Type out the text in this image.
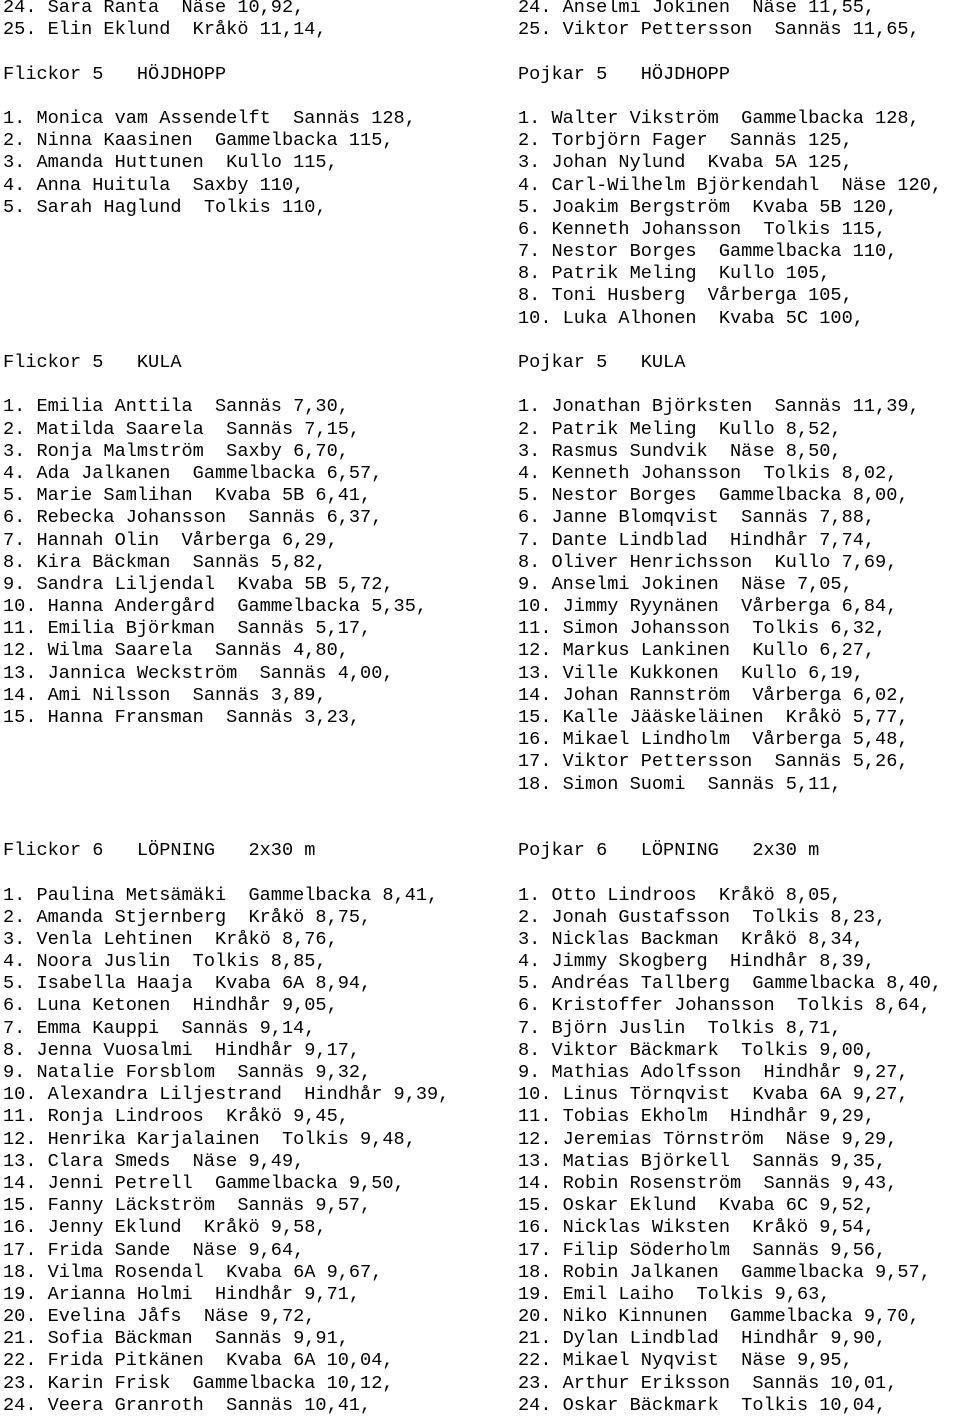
24. Sara Ranta  Näse 10,92,
25. Elin Eklund  Kråkö 11,14,
Flickor 5   HÖJDHOPP
1. Monica vam Assendelft  Sannäs 128,
2. Ninna Kaasinen  Gammelbacka 115,
3. Amanda Huttunen  Kullo 115,
4. Anna Huitula  Saxby 110,
5. Sarah Haglund  Tolkis 110,
Flickor 5   KULA
1. Emilia Anttila  Sannäs 7,30,
2. Matilda Saarela  Sannäs 7,15,
3. Ronja Malmström  Saxby 6,70,
4. Ada Jalkanen  Gammelbacka 6,57,
5. Marie Samlihan  Kvaba 5B 6,41,
6. Rebecka Johansson  Sannäs 6,37,
7. Hannah Olin  Vårberga 6,29,
8. Kira Bäckman  Sannäs 5,82,
9. Sandra Liljendal  Kvaba 5B 5,72,
10. Hanna Andergård  Gammelbacka 5,35,
11. Emilia Björkman  Sannäs 5,17,
12. Wilma Saarela  Sannäs 4,80,
13. Jannica Weckström  Sannäs 4,00,
14. Ami Nilsson  Sannäs 3,89,
15. Hanna Fransman  Sannäs 3,23,
Flickor 6   LÖPNING   2x30 m
1. Paulina Metsämäki  Gammelbacka 8,41,
2. Amanda Stjernberg  Kråkö 8,75,
3. Venla Lehtinen  Kråkö 8,76,
4. Noora Juslin  Tolkis 8,85,
5. Isabella Haaja  Kvaba 6A 8,94,
6. Luna Ketonen  Hindhår 9,05,
7. Emma Kauppi  Sannäs 9,14,
8. Jenna Vuosalmi  Hindhår 9,17,
9. Natalie Forsblom  Sannäs 9,32,
10. Alexandra Liljestrand  Hindhår 9,39,
11. Ronja Lindroos  Kråkö 9,45,
12. Henrika Karjalainen  Tolkis 9,48,
13. Clara Smeds  Näse 9,49,
14. Jenni Petrell  Gammelbacka 9,50,
15. Fanny Läckström  Sannäs 9,57,
16. Jenny Eklund  Kråkö 9,58,
17. Frida Sande  Näse 9,64,
18. Vilma Rosendal  Kvaba 6A 9,67,
19. Arianna Holmi  Hindhår 9,71,
20. Evelina Jåfs  Näse 9,72,
21. Sofia Bäckman  Sannäs 9,91,
22. Frida Pitkänen  Kvaba 6A 10,04,
23. Karin Frisk  Gammelbacka 10,12,
24. Veera Granroth  Sannäs 10,41,
24. Anselmi Jokinen  Näse 11,55,
25. Viktor Pettersson  Sannäs 11,65,
Pojkar 5   HÖJDHOPP
1. Walter Vikström  Gammelbacka 128,
2. Torbjörn Fager  Sannäs 125,
3. Johan Nylund  Kvaba 5A 125,
4. Carl-Wilhelm Björkendahl  Näse 120,
5. Joakim Bergström  Kvaba 5B 120,
6. Kenneth Johansson  Tolkis 115,
7. Nestor Borges  Gammelbacka 110,
8. Patrik Meling  Kullo 105,
8. Toni Husberg  Vårberga 105,
10. Luka Alhonen  Kvaba 5C 100,
Pojkar 5   KULA
1. Jonathan Björksten  Sannäs 11,39,
2. Patrik Meling  Kullo 8,52,
3. Rasmus Sundvik  Näse 8,50,
4. Kenneth Johansson  Tolkis 8,02,
5. Nestor Borges  Gammelbacka 8,00,
6. Janne Blomqvist  Sannäs 7,88,
7. Dante Lindblad  Hindhår 7,74,
8. Oliver Henrichsson  Kullo 7,69,
9. Anselmi Jokinen  Näse 7,05,
10. Jimmy Ryynänen  Vårberga 6,84,
11. Simon Johansson  Tolkis 6,32,
12. Markus Lankinen  Kullo 6,27,
13. Ville Kukkonen  Kullo 6,19,
14. Johan Rannström  Vårberga 6,02,
15. Kalle Jääskeläinen  Kråkö 5,77,
16. Mikael Lindholm  Vårberga 5,48,
17. Viktor Pettersson  Sannäs 5,26,
18. Simon Suomi  Sannäs 5,11,
Pojkar 6   LÖPNING   2x30 m
1. Otto Lindroos  Kråkö 8,05,
2. Jonah Gustafsson  Tolkis 8,23,
3. Nicklas Backman  Kråkö 8,34,
4. Jimmy Skogberg  Hindhår 8,39,
5. Andréas Tallberg  Gammelbacka 8,40,
6. Kristoffer Johansson  Tolkis 8,64,
7. Björn Juslin  Tolkis 8,71,
8. Viktor Bäckmark  Tolkis 9,00,
9. Mathias Adolfsson  Hindhår 9,27,
10. Linus Törnqvist  Kvaba 6A 9,27,
11. Tobias Ekholm  Hindhår 9,29,
12. Jeremias Törnström  Näse 9,29,
13. Matias Björkell  Sannäs 9,35,
14. Robin Rosenström  Sannäs 9,43,
15. Oskar Eklund  Kvaba 6C 9,52,
16. Nicklas Wiksten  Kråkö 9,54,
17. Filip Söderholm  Sannäs 9,56,
18. Robin Jalkanen  Gammelbacka 9,57,
19. Emil Laiho  Tolkis 9,63,
20. Niko Kinnunen  Gammelbacka 9,70,
21. Dylan Lindblad  Hindhår 9,90,
22. Mikael Nyqvist  Näse 9,95,
23. Arthur Eriksson  Sannäs 10,01,
24. Oskar Bäckmark  Tolkis 10,04,
